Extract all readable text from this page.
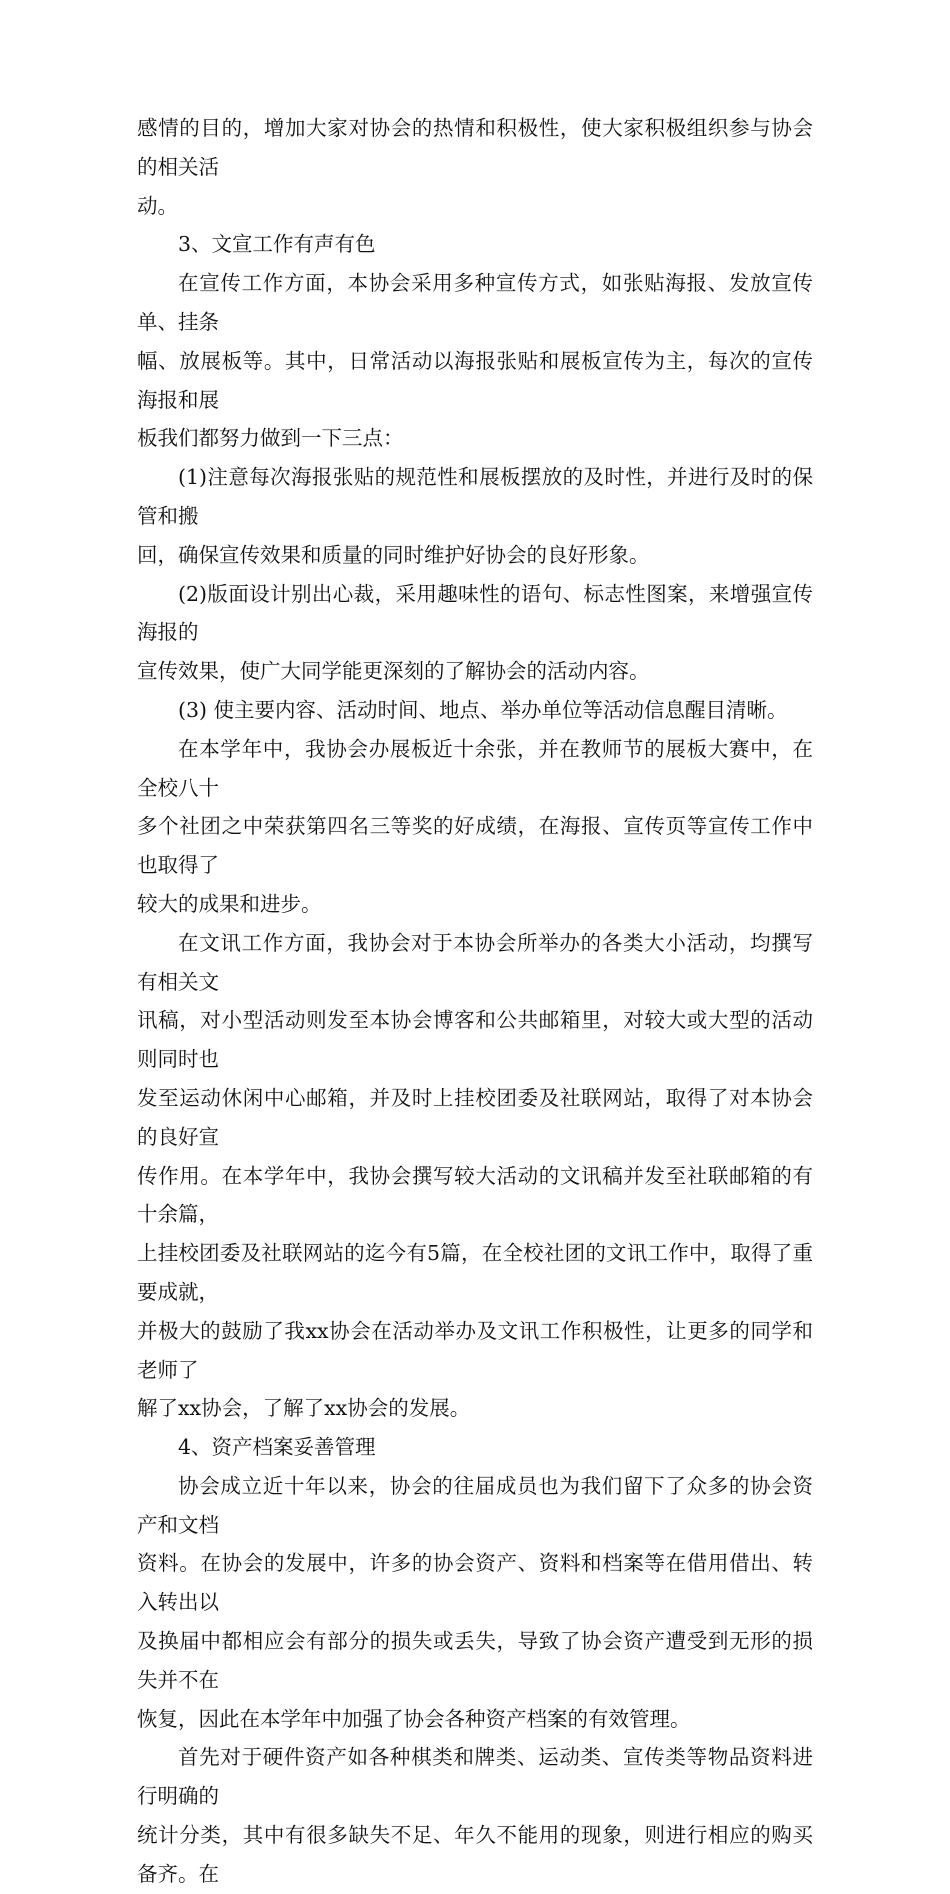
感情的目的，增加大家对协会的热情和积极性，使大家积极组织参与协会的相关活
动。

3、文宣工作有声有色

在宣传工作方面，本协会采用多种宣传方式，如张贴海报、发放宣传单、挂条
幅、放展板等。其中，日常活动以海报张贴和展板宣传为主，每次的宣传海报和展
板我们都努力做到一下三点：

(1)注意每次海报张贴的规范性和展板摆放的及时性，并进行及时的保管和搬
回，确保宣传效果和质量的同时维护好协会的良好形象。

(2)版面设计别出心裁，采用趣味性的语句、标志性图案，来增强宣传海报的
宣传效果，使广大同学能更深刻的了解协会的活动内容。

(3) 使主要内容、活动时间、地点、举办单位等活动信息醒目清晰。

在本学年中，我协会办展板近十余张，并在教师节的展板大赛中，在全校八十
多个社团之中荣获第四名三等奖的好成绩，在海报、宣传页等宣传工作中也取得了
较大的成果和进步。

在文讯工作方面，我协会对于本协会所举办的各类大小活动，均撰写有相关文
讯稿，对小型活动则发至本协会博客和公共邮箱里，对较大或大型的活动则同时也
发至运动休闲中心邮箱，并及时上挂校团委及社联网站，取得了对本协会的良好宣
传作用。在本学年中，我协会撰写较大活动的文讯稿并发至社联邮箱的有十余篇，
上挂校团委及社联网站的迄今有5篇，在全校社团的文讯工作中，取得了重要成就，
并极大的鼓励了我xx协会在活动举办及文讯工作积极性，让更多的同学和老师了
解了xx协会，了解了xx协会的发展。

4、资产档案妥善管理

协会成立近十年以来，协会的往届成员也为我们留下了众多的协会资产和文档
资料。在协会的发展中，许多的协会资产、资料和档案等在借用借出、转入转出以
及换届中都相应会有部分的损失或丢失，导致了协会资产遭受到无形的损失并不在
恢复，因此在本学年中加强了协会各种资产档案的有效管理。

首先对于硬件资产如各种棋类和牌类、运动类、宣传类等物品资料进行明确的
统计分类，其中有很多缺失不足、年久不能用的现象，则进行相应的购买备齐。在
